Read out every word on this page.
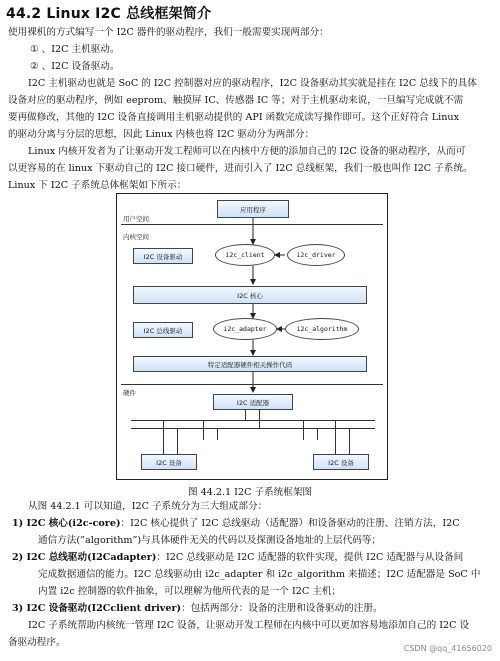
44.2 Linux I2C 总线框架简介
使用裸机的方式编写一个 I2C 器件的驱动程序，我们一般需要实现两部分：
① 、I2C 主机驱动。
② 、I2C 设备驱动。
I2C 主机驱动也就是 SoC 的 I2C 控制器对应的驱动程序，I2C 设备驱动其实就是挂在 I2C 总线下的具体
设备对应的驱动程序，例如 eeprom、触摸屏 IC、传感器 IC 等；对于主机驱动来说，一旦编写完成就不需
要再做修改，其他的 I2C 设备直接调用主机驱动提供的 API 函数完成读写操作即可。这个正好符合 Linux
的驱动分离与分层的思想，因此 Linux 内核也将 I2C 驱动分为两部分：
Linux 内核开发者为了让驱动开发工程师可以在内核中方便的添加自己的 I2C 设备的驱动程序，从而可
以更容易的在 linux 下驱动自己的 I2C 接口硬件，进而引入了 I2C 总线框架，我们一般也叫作 I2C 子系统。
Linux 下 I2C 子系统总体框架如下所示：
用户空间
内核空间
应用程序
I2C 设备驱动	i2c_client	i2c_driver
I2C 核心
I2C 总线驱动	i2c_adapter	i2c_algorithm
特定适配器硬件相关操作代码
硬件
I2C 适配器
I2C 设备	I2C 设备
图 44.2.1 I2C 子系统框架图
从图 44.2.1 可以知道，I2C 子系统分为三大组成部分：
1) I2C 核心(i2c-core)：I2C 核心提供了 I2C 总线驱动（适配器）和设备驱动的注册、注销方法，I2C
通信方法(”algorithm”)与具体硬件无关的代码以及探测设备地址的上层代码等；
2) I2C 总线驱动(I2Cadapter)：I2C 总线驱动是 I2C 适配器的软件实现，提供 I2C 适配器与从设备间
完成数据通信的能力。I2C 总线驱动由 i2c_adapter 和 i2c_algorithm 来描述；I2C 适配器是 SoC 中
内置 i2c 控制器的软件抽象，可以理解为他所代表的是一个 I2C 主机；
3) I2C 设备驱动(I2Cclient driver)：包括两部分：设备的注册和设备驱动的注册。
I2C 子系统帮助内核统一管理 I2C 设备，让驱动开发工程师在内核中可以更加容易地添加自己的 I2C 设
备驱动程序。
CSDN @qq_41656020
